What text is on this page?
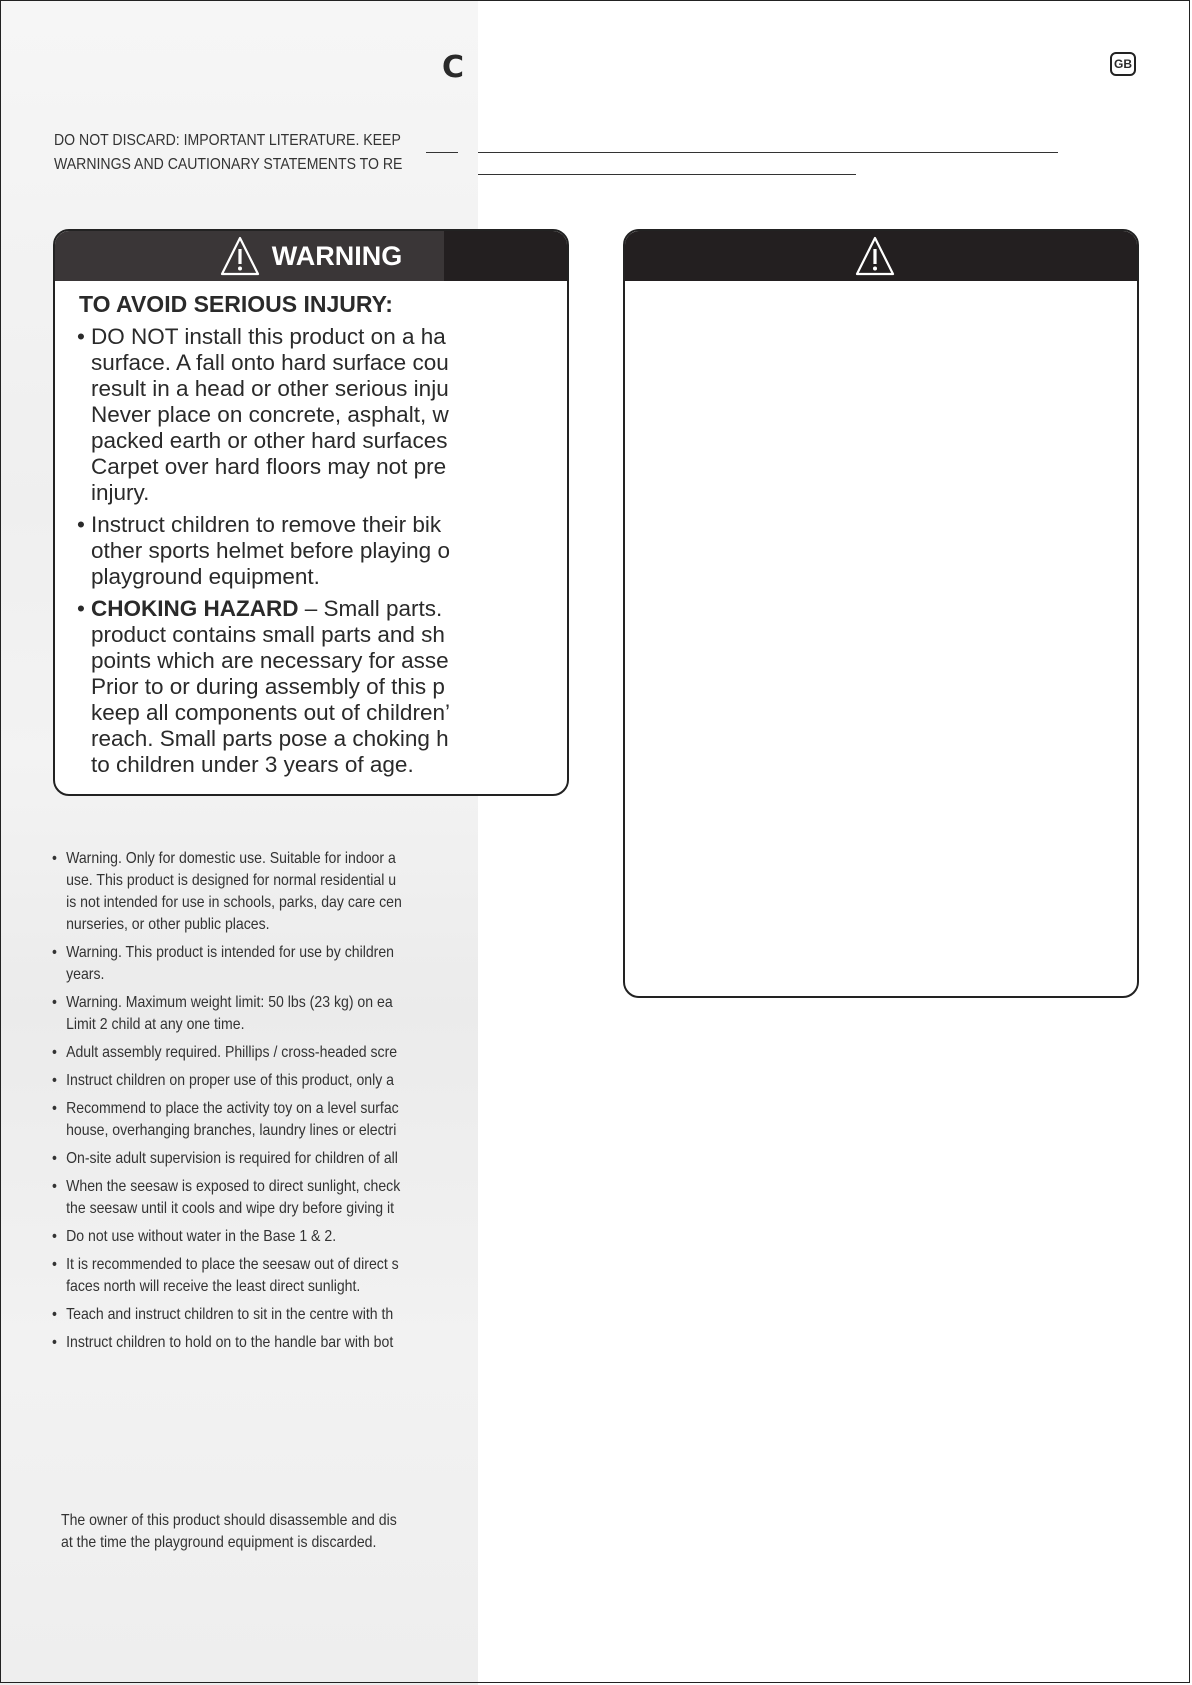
C	GB
DO NOT DISCARD: IMPORTANT LITERATURE. KEEP
WARNINGS AND CAUTIONARY STATEMENTS TO RE
WARNING
TO AVOID SERIOUS INJURY:
• DO NOT install this product on a ha
surface. A fall onto hard surface cou
result in a head or other serious inju
Never place on concrete, asphalt, w
packed earth or other hard surfaces
Carpet over hard floors may not pre
injury.
• Instruct children to remove their bik
other sports helmet before playing o
playground equipment.
• CHOKING HAZARD – Small parts.
product contains small parts and sh
points which are necessary for asse
Prior to or during assembly of this p
keep all components out of children’
reach. Small parts pose a choking h
to children under 3 years of age.
• Warning. Only for domestic use. Suitable for indoor a
use. This product is designed for normal residential u
is not intended for use in schools, parks, day care cen
nurseries, or other public places.
• Warning. This product is intended for use by children
years.
• Warning. Maximum weight limit: 50 lbs (23 kg) on ea
Limit 2 child at any one time.
• Adult assembly required. Phillips / cross-headed scre
• Instruct children on proper use of this product, only a
• Recommend to place the activity toy on a level surfac
house, overhanging branches, laundry lines or electri
• On-site adult supervision is required for children of all
• When the seesaw is exposed to direct sunlight, check
the seesaw until it cools and wipe dry before giving it
• Do not use without water in the Base 1 & 2.
• It is recommended to place the seesaw out of direct s
faces north will receive the least direct sunlight.
• Teach and instruct children to sit in the centre with th
• Instruct children to hold on to the handle bar with bot
The owner of this product should disassemble and dis
at the time the playground equipment is discarded.
